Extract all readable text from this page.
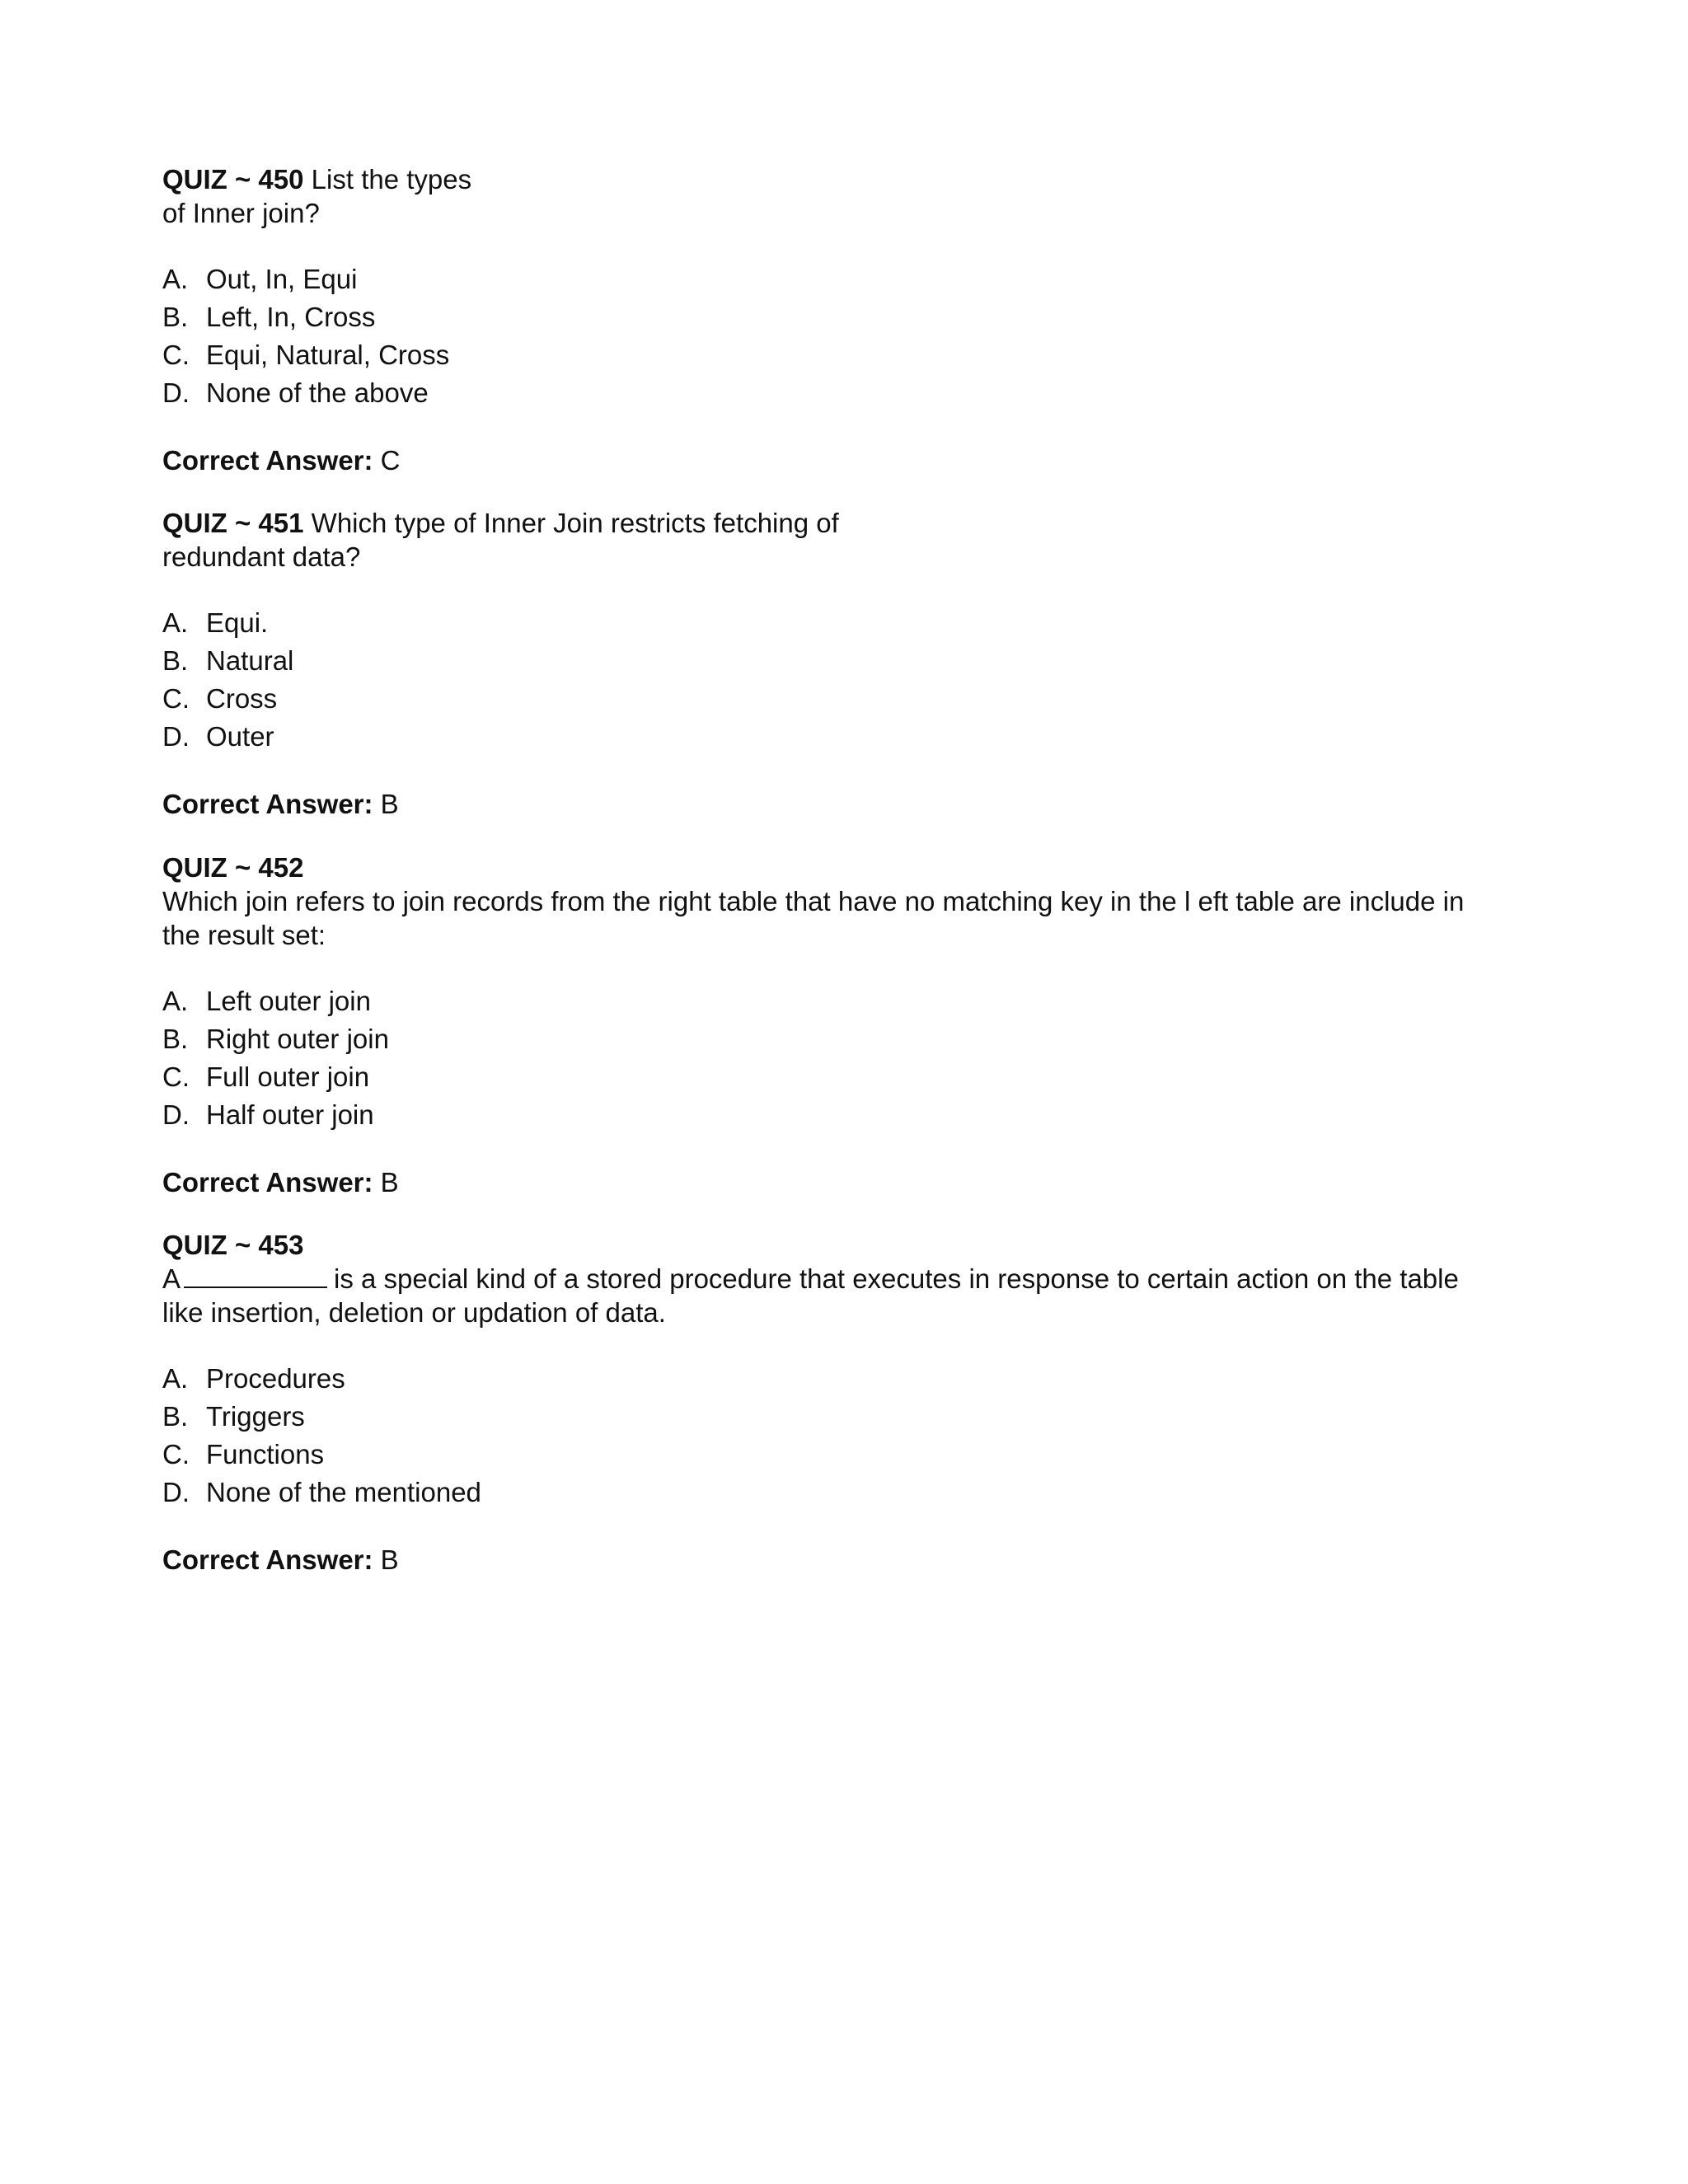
QUIZ ~ 450 List the types

of Inner join?

A. Out, In, Equi
B. Left, In, Cross
C. Equi, Natural, Cross
D. None of the above

Correct Answer: C

QUIZ ~ 451 Which type of Inner Join restricts fetching of

redundant data?

A. Equi.
B. Natural
C. Cross
D. Outer

Correct Answer: B

QUIZ ~ 452

Which join refers to join records from the right table that have no matching key in the l eft table are include in

the result set:

A. Left outer join
B. Right outer join
C. Full outer join
D. Half outer join

Correct Answer: B

QUIZ ~ 453

A	is a special kind of a stored procedure that executes in response to certain action on the table

like insertion, deletion or updation of data.

A. Procedures
B. Triggers
C. Functions
D. None of the mentioned

Correct Answer: B
